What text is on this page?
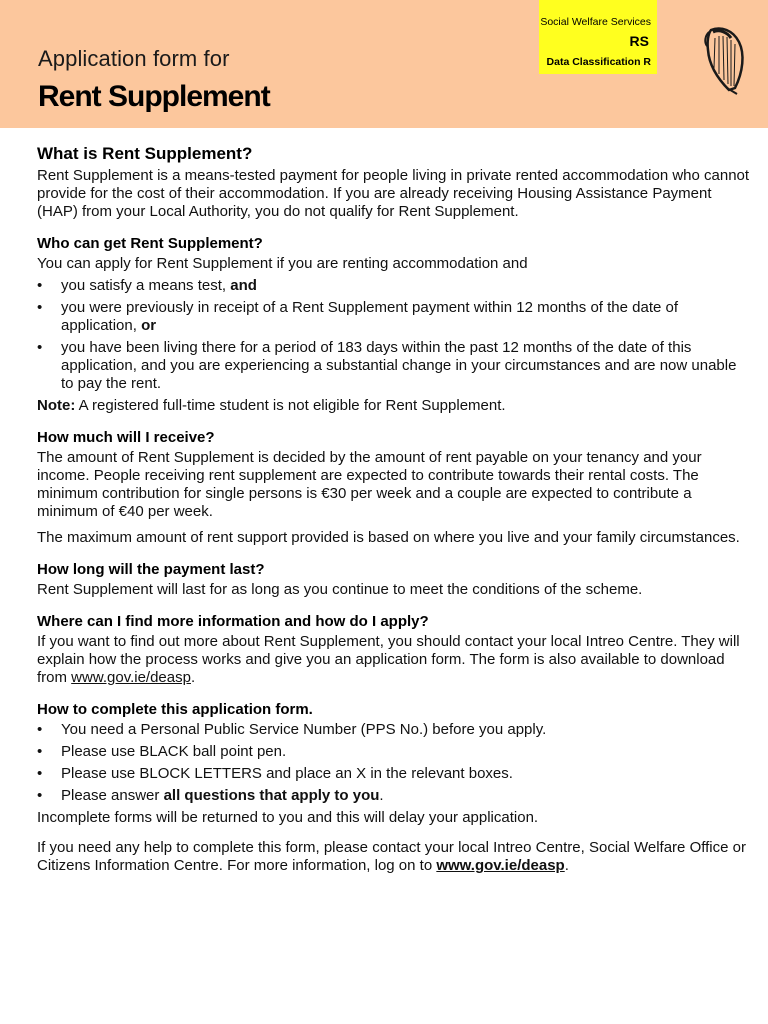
Application form for
Rent Supplement
Social Welfare Services
RS
Data Classification R
What is Rent Supplement?
Rent Supplement is a means-tested payment for people living in private rented accommodation who cannot provide for the cost of their accommodation. If you are already receiving Housing Assistance Payment (HAP) from your Local Authority, you do not qualify for Rent Supplement.
Who can get Rent Supplement?
You can apply for Rent Supplement if you are renting accommodation and
• you satisfy a means test, and
• you were previously in receipt of a Rent Supplement payment within 12 months of the date of application, or
• you have been living there for a period of 183 days within the past 12 months of the date of this application, and you are experiencing a substantial change in your circumstances and are now unable to pay the rent.
Note: A registered full-time student is not eligible for Rent Supplement.
How much will I receive?
The amount of Rent Supplement is decided by the amount of rent payable on your tenancy and your income. People receiving rent supplement are expected to contribute towards their rental costs. The minimum contribution for single persons is €30 per week and a couple are expected to contribute a minimum of €40 per week.
The maximum amount of rent support provided is based on where you live and your family circumstances.
How long will the payment last?
Rent Supplement will last for as long as you continue to meet the conditions of the scheme.
Where can I find more information and how do I apply?
If you want to find out more about Rent Supplement, you should contact your local Intreo Centre. They will explain how the process works and give you an application form. The form is also available to download from www.gov.ie/deasp.
How to complete this application form.
• You need a Personal Public Service Number (PPS No.) before you apply.
• Please use BLACK ball point pen.
• Please use BLOCK LETTERS and place an X in the relevant boxes.
• Please answer all questions that apply to you.
Incomplete forms will be returned to you and this will delay your application.
If you need any help to complete this form, please contact your local Intreo Centre, Social Welfare Office or Citizens Information Centre. For more information, log on to www.gov.ie/deasp.
